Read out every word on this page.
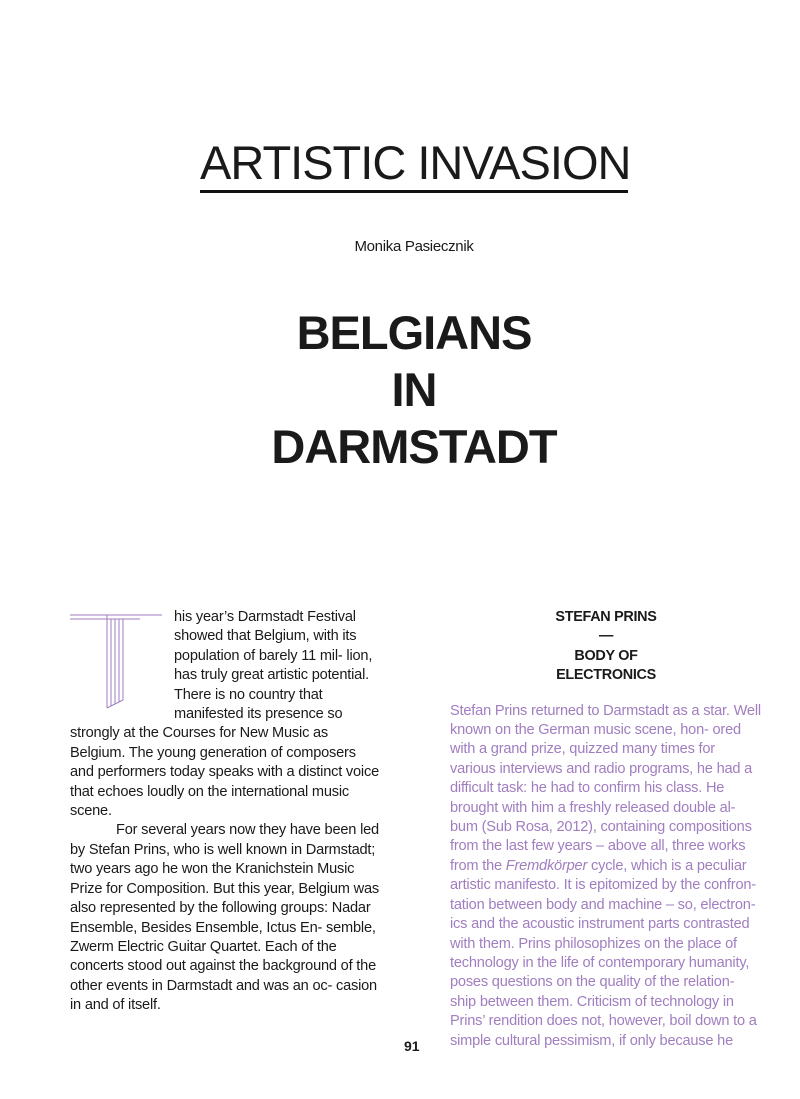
ARTISTIC INVASION
Monika Pasiecznik
BELGIANS
IN
DARMSTADT
T	his year’s Darmstadt Festival showed that Belgium, with its population of barely 11 mil- lion, has truly great artistic potential. There is no country that manifested its presence so strongly at the Courses for New Music as Belgium. The young generation of composers and performers today speaks with a distinct voice that echoes loudly on the international music scene.

For several years now they have been led by Stefan Prins, who is well known in Darmstadt; two years ago he won the Kranichstein Music Prize for Composition. But this year, Belgium was also represented by the following groups: Nadar Ensemble, Besides Ensemble, Ictus En- semble, Zwerm Electric Guitar Quartet. Each of the concerts stood out against the background of the other events in Darmstadt and was an oc- casion in and of itself.

STEFAN PRINS
—
BODY OF
ELECTRONICS

Stefan Prins returned to Darmstadt as a star. Well known on the German music scene, hon- ored with a grand prize, quizzed many times for various interviews and radio programs, he had a difficult task: he had to confirm his class. He brought with him a freshly released double al- bum (Sub Rosa, 2012), containing compositions from the last few years – above all, three works from the Fremdkörper cycle, which is a peculiar artistic manifesto. It is epitomized by the confron- tation between body and machine – so, electron- ics and the acoustic instrument parts contrasted with them. Prins philosophizes on the place of technology in the life of contemporary humanity, poses questions on the quality of the relation- ship between them. Criticism of technology in Prins’ rendition does not, however, boil down to a simple cultural pessimism, if only because he

91
